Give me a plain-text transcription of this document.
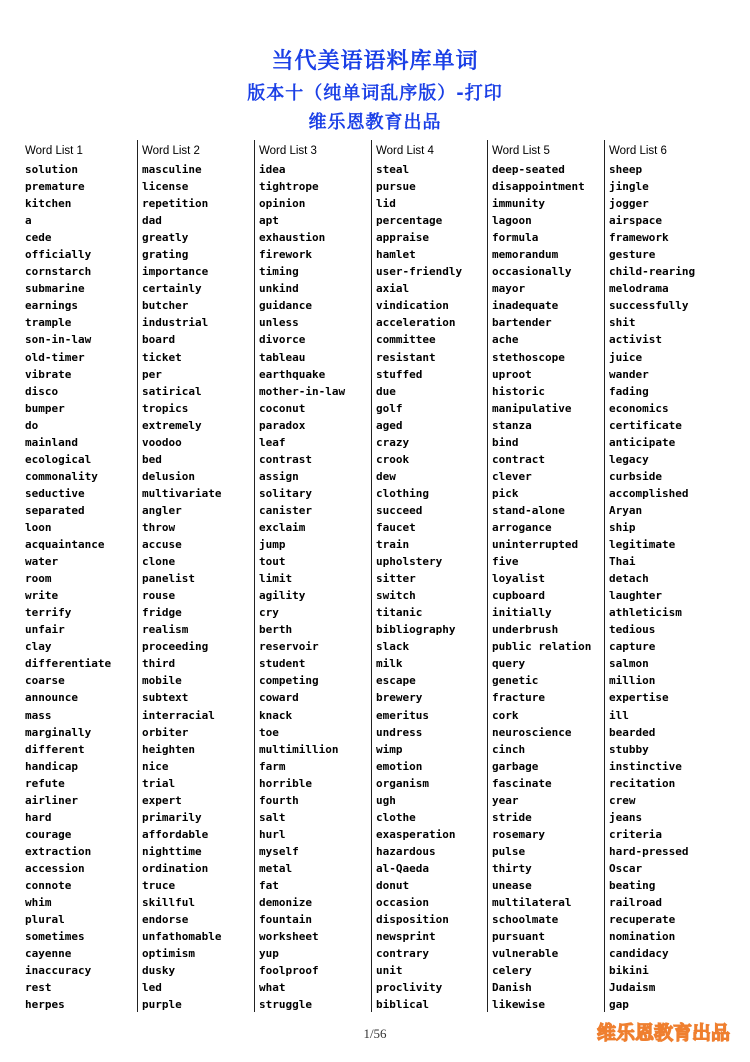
当代美语语料库单词
版本十（纯单词乱序版）-打印
维乐恩教育出品
Word List 1
solution
premature
kitchen
a
cede
officially
cornstarch
submarine
earnings
trample
son-in-law
old-timer
vibrate
disco
bumper
do
mainland
ecological
commonality
seductive
separated
loon
acquaintance
water
room
write
terrify
unfair
clay
differentiate
coarse
announce
mass
marginally
different
handicap
refute
airliner
hard
courage
extraction
accession
connote
whim
plural
sometimes
cayenne
inaccuracy
rest
herpes
Word List 2
masculine
license
repetition
dad
greatly
grating
importance
certainly
butcher
industrial
board
ticket
per
satirical
tropics
extremely
voodoo
bed
delusion
multivariate
angler
throw
accuse
clone
panelist
rouse
fridge
realism
proceeding
third
mobile
subtext
interracial
orbiter
heighten
nice
trial
expert
primarily
affordable
nighttime
ordination
truce
skillful
endorse
unfathomable
optimism
dusky
led
purple
Word List 3
idea
tightrope
opinion
apt
exhaustion
firework
timing
unkind
guidance
unless
divorce
tableau
earthquake
mother-in-law
coconut
paradox
leaf
contrast
assign
solitary
canister
exclaim
jump
tout
limit
agility
cry
berth
reservoir
student
competing
coward
knack
toe
multimillion
farm
horrible
fourth
salt
hurl
myself
metal
fat
demonize
fountain
worksheet
yup
foolproof
what
struggle
Word List 4
steal
pursue
lid
percentage
appraise
hamlet
user-friendly
axial
vindication
acceleration
committee
resistant
stuffed
due
golf
aged
crazy
crook
dew
clothing
succeed
faucet
train
upholstery
sitter
switch
titanic
bibliography
slack
milk
escape
brewery
emeritus
undress
wimp
emotion
organism
ugh
clothe
exasperation
hazardous
al-Qaeda
donut
occasion
disposition
newsprint
contrary
unit
proclivity
biblical
Word List 5
deep-seated
disappointment
immunity
lagoon
formula
memorandum
occasionally
mayor
inadequate
bartender
ache
stethoscope
uproot
historic
manipulative
stanza
bind
contract
clever
pick
stand-alone
arrogance
uninterrupted
five
loyalist
cupboard
initially
underbrush
public relation
query
genetic
fracture
cork
neuroscience
cinch
garbage
fascinate
year
stride
rosemary
pulse
thirty
unease
multilateral
schoolmate
pursuant
vulnerable
celery
Danish
likewise
Word List 6
sheep
jingle
jogger
airspace
framework
gesture
child-rearing
melodrama
successfully
shit
activist
juice
wander
fading
economics
certificate
anticipate
legacy
curbside
accomplished
Aryan
ship
legitimate
Thai
detach
laughter
athleticism
tedious
capture
salmon
million
expertise
ill
bearded
stubby
instinctive
recitation
crew
jeans
criteria
hard-pressed
Oscar
beating
railroad
recuperate
nomination
candidacy
bikini
Judaism
gap
1/56	维乐恩教育出品
